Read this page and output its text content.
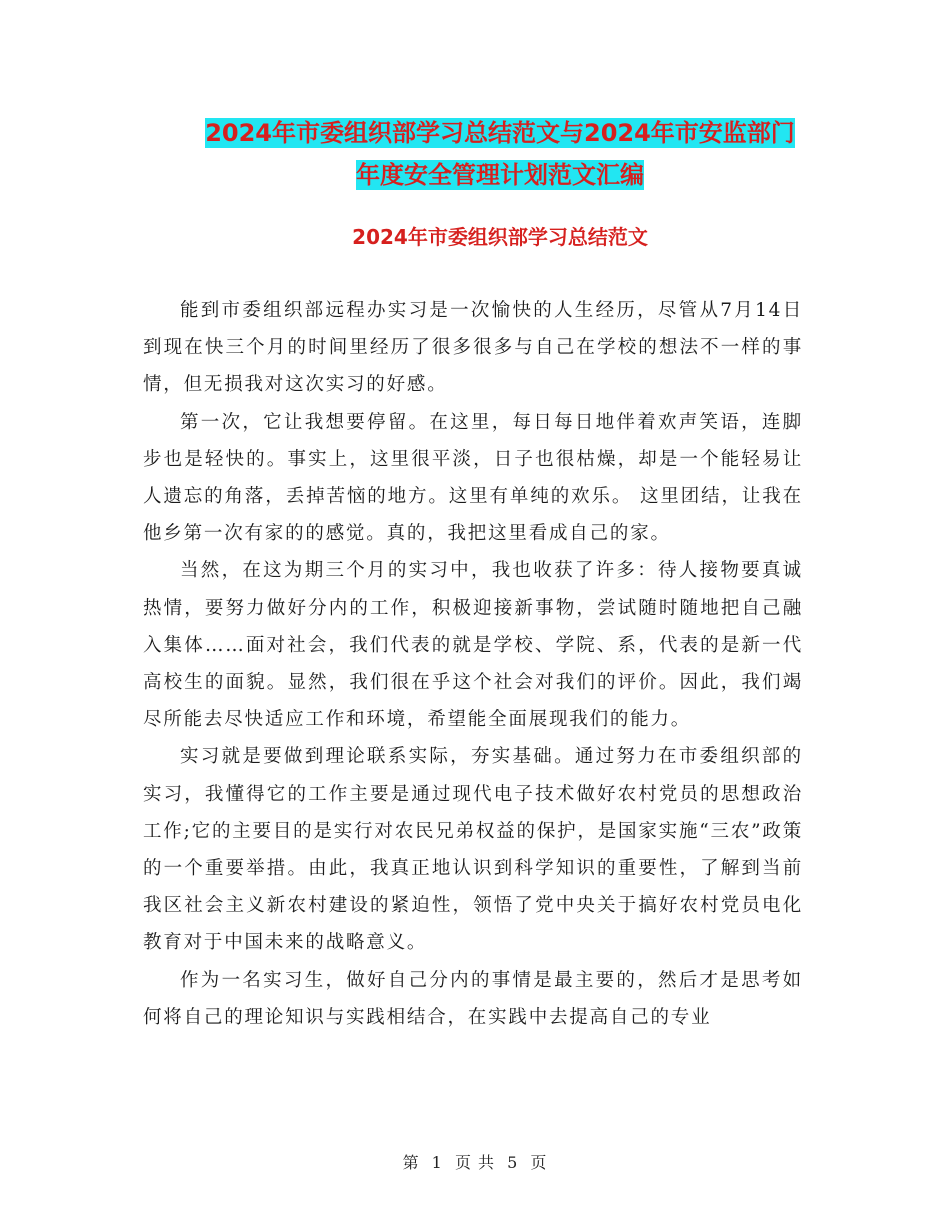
2024年市委组织部学习总结范文与2024年市安监部门
年度安全管理计划范文汇编
2024年市委组织部学习总结范文

能到市委组织部远程办实习是一次愉快的人生经历，尽管从7月14日到现在快三个月的时间里经历了很多很多与自己在学校的想法不一样的事情，但无损我对这次实习的好感。

第一次，它让我想要停留。在这里，每日每日地伴着欢声笑语，连脚步也是轻快的。事实上，这里很平淡，日子也很枯燥，却是一个能轻易让人遗忘的角落，丢掉苦恼的地方。这里有单纯的欢乐。 这里团结，让我在他乡第一次有家的的感觉。真的，我把这里看成自己的家。

当然，在这为期三个月的实习中，我也收获了许多：待人接物要真诚热情，要努力做好分内的工作，积极迎接新事物，尝试随时随地把自己融入集体……面对社会，我们代表的就是学校、学院、系，代表的是新一代高校生的面貌。显然，我们很在乎这个社会对我们的评价。因此，我们竭尽所能去尽快适应工作和环境，希望能全面展现我们的能力。

实习就是要做到理论联系实际，夯实基础。通过努力在市委组织部的实习，我懂得它的工作主要是通过现代电子技术做好农村党员的思想政治工作;它的主要目的是实行对农民兄弟权益的保护，是国家实施“三农”政策的一个重要举措。由此，我真正地认识到科学知识的重要性，了解到当前我区社会主义新农村建设的紧迫性，领悟了党中央关于搞好农村党员电化教育对于中国未来的战略意义。

作为一名实习生，做好自己分内的事情是最主要的，然后才是思考如何将自己的理论知识与实践相结合，在实践中去提高自己的专业

第 1 页 共 5 页
